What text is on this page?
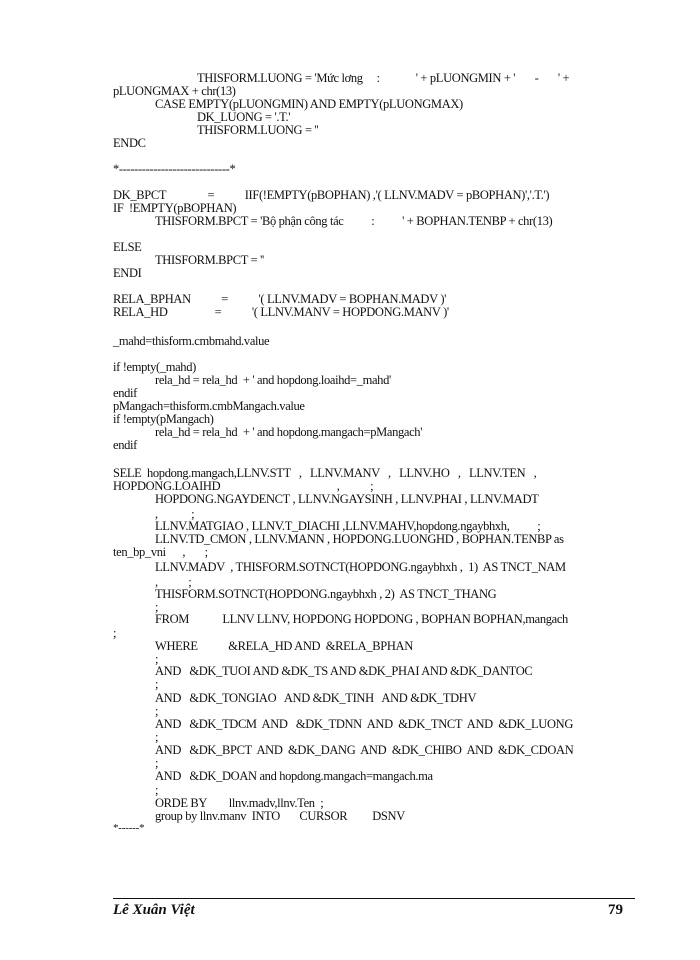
THISFORM.LUONG = 'Mức lơng     :             ' + pLUONGMIN + '       -       ' +
pLUONGMAX + chr(13)
CASE EMPTY(pLUONGMIN) AND EMPTY(pLUONGMAX)
DK_LUONG = '.T.'
THISFORM.LUONG = ''
ENDC
*-----------------------------*
DK_BPCT               =           IIF(!EMPTY(pBOPHAN) ,'( LLNV.MADV = pBOPHAN)','.T.')
IF  !EMPTY(pBOPHAN)
THISFORM.BPCT = 'Bộ phận công tác          :          ' + BOPHAN.TENBP + chr(13)
ELSE
THISFORM.BPCT = ''
ENDI
RELA_BPHAN           =           '( LLNV.MADV = BOPHAN.MADV )'
RELA_HD                 =           '( LLNV.MANV = HOPDONG.MANV )'
_mahd=thisform.cmbmahd.value
if !empty(_mahd)
rela_hd = rela_hd  + ' and hopdong.loaihd=_mahd'
endif
pMangach=thisform.cmbMangach.value
if !empty(pMangach)
rela_hd = rela_hd  + ' and hopdong.mangach=pMangach'
endif
SELE  hopdong.mangach,LLNV.STT   ,   LLNV.MANV   ,   LLNV.HO   ,   LLNV.TEN   ,
HOPDONG.LOAIHD                                          ,           ;
HOPDONG.NGAYDENCT , LLNV.NGAYSINH , LLNV.PHAI , LLNV.MADT
,            ;
LLNV.MATGIAO , LLNV.T_DIACHI ,LLNV.MAHV,hopdong.ngaybhxh,          ;
LLNV.TD_CMON , LLNV.MANN , HOPDONG.LUONGHD , BOPHAN.TENBP as
ten_bp_vni      ,       ;
LLNV.MADV  , THISFORM.SOTNCT(HOPDONG.ngaybhxh ,  1)  AS TNCT_NAM
,           ;
THISFORM.SOTNCT(HOPDONG.ngaybhxh , 2)  AS TNCT_THANG
;
FROM            LLNV LLNV, HOPDONG HOPDONG , BOPHAN BOPHAN,mangach
;
WHERE           &RELA_HD AND  &RELA_BPHAN
;
AND   &DK_TUOI AND &DK_TS AND &DK_PHAI AND &DK_DANTOC
;
AND   &DK_TONGIAO   AND &DK_TINH   AND &DK_TDHV
;
AND   &DK_TDCM  AND   &DK_TDNN  AND  &DK_TNCT  AND  &DK_LUONG
;
AND   &DK_BPCT  AND  &DK_DANG  AND  &DK_CHIBO  AND  &DK_CDOAN
;
AND   &DK_DOAN and hopdong.mangach=mangach.ma
;
ORDE BY        llnv.madv,llnv.Ten  ;
group by llnv.manv  INTO       CURSOR         DSNV
*------*
Lê Xuân Việt	79
